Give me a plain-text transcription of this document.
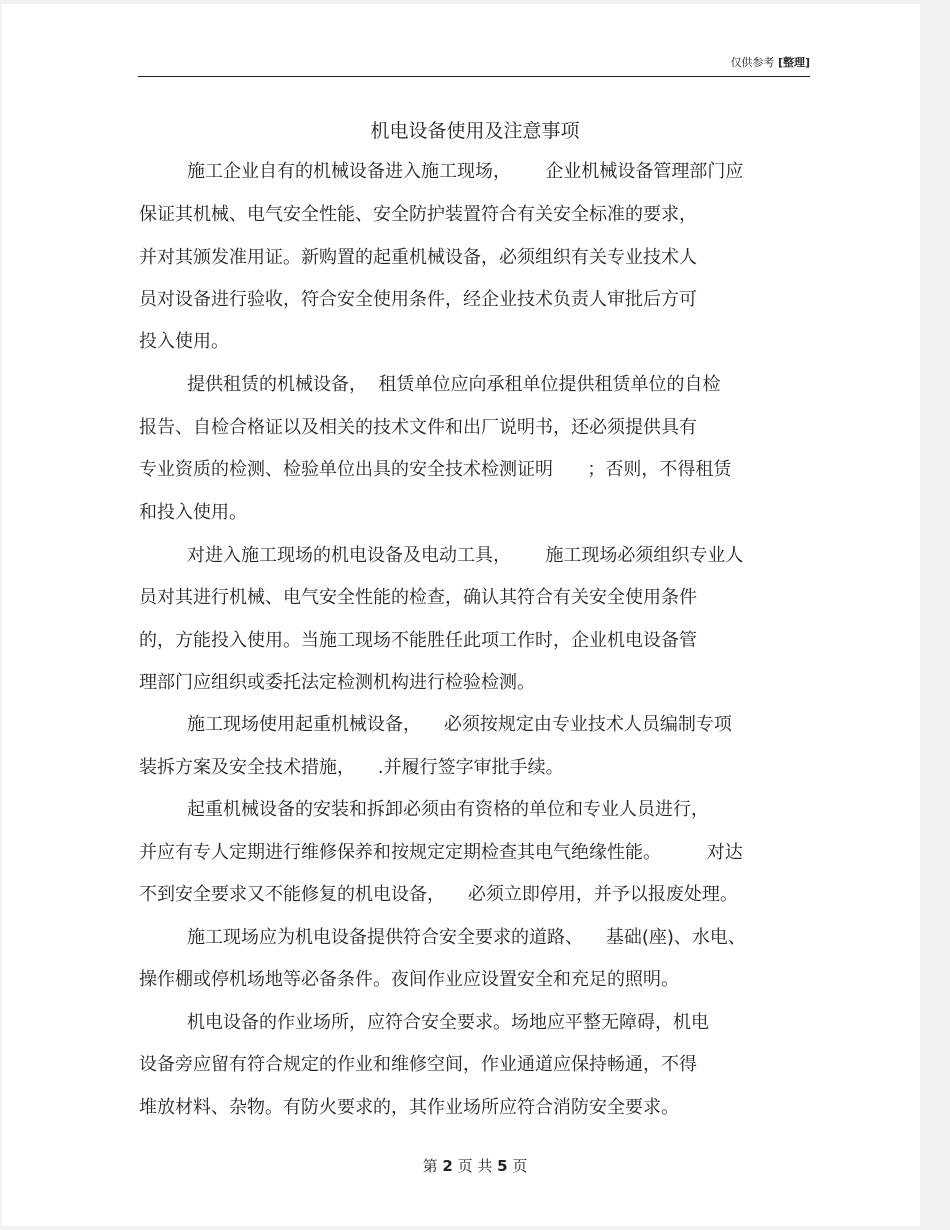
仅供参考 [整理]
机电设备使用及注意事项
施工企业自有的机械设备进入施工现场，      企业机械设备管理部门应
保证其机械、电气安全性能、安全防护装置符合有关安全标准的要求，
并对其颁发准用证。新购置的起重机械设备，必须组织有关专业技术人
员对设备进行验收，符合安全使用条件，经企业技术负责人审批后方可
投入使用。
提供租赁的机械设备，  租赁单位应向承租单位提供租赁单位的自检
报告、自检合格证以及相关的技术文件和出厂说明书，还必须提供具有
专业资质的检测、检验单位出具的安全技术检测证明      ；否则，不得租赁
和投入使用。
对进入施工现场的机电设备及电动工具，      施工现场必须组织专业人
员对其进行机械、电气安全性能的检查，确认其符合有关安全使用条件
的，方能投入使用。当施工现场不能胜任此项工作时，企业机电设备管
理部门应组织或委托法定检测机构进行检验检测。
施工现场使用起重机械设备，    必须按规定由专业技术人员编制专项
装拆方案及安全技术措施，    .并履行签字审批手续。
起重机械设备的安装和拆卸必须由有资格的单位和专业人员进行，
并应有专人定期进行维修保养和按规定定期检查其电气绝缘性能。        对达
不到安全要求又不能修复的机电设备，    必须立即停用，并予以报废处理。
施工现场应为机电设备提供符合安全要求的道路、    基础(座)、水电、
操作棚或停机场地等必备条件。夜间作业应设置安全和充足的照明。
机电设备的作业场所，应符合安全要求。场地应平整无障碍，机电
设备旁应留有符合规定的作业和维修空间，作业通道应保持畅通，不得
堆放材料、杂物。有防火要求的，其作业场所应符合消防安全要求。
第 2 页 共 5 页
